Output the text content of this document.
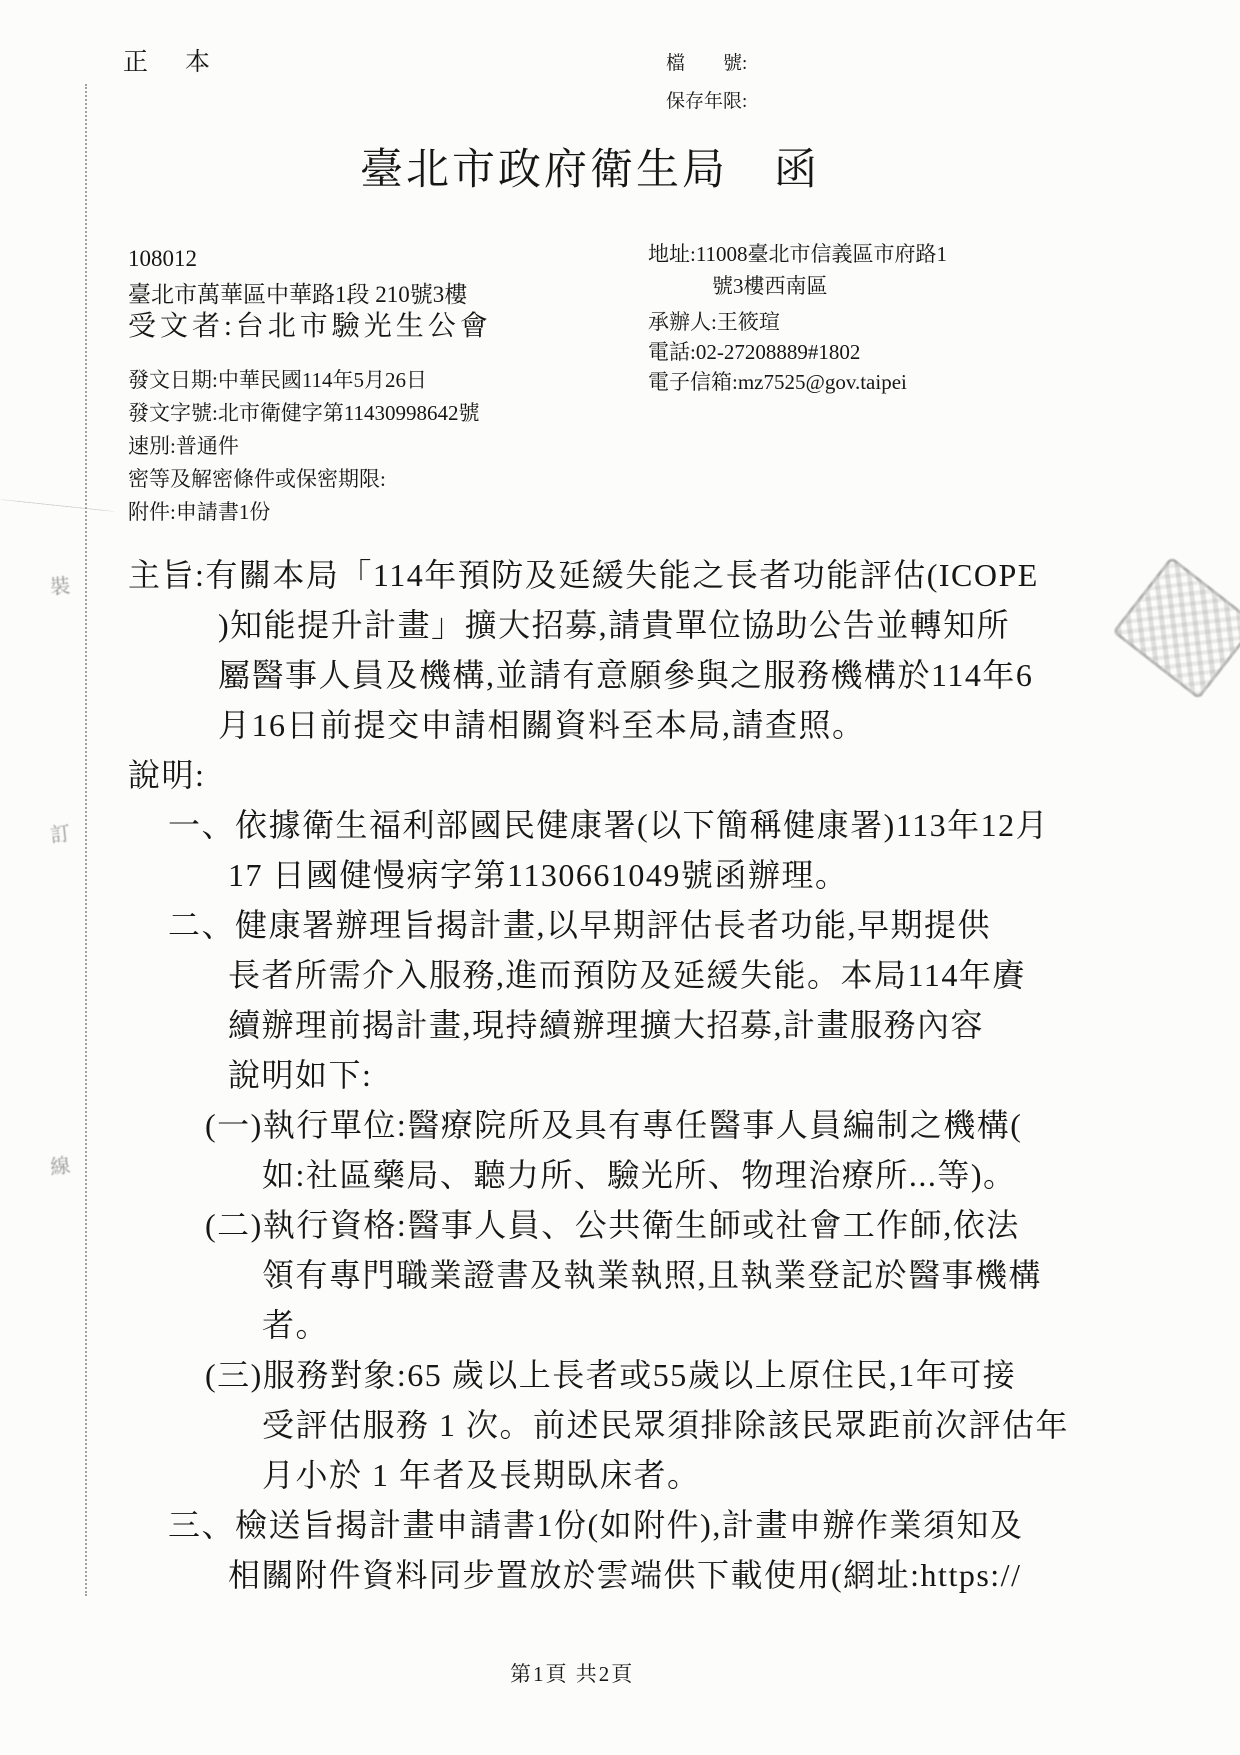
裝
訂
線
正　本	檔　　號:
保存年限:
臺北市政府衛生局　函
108012
臺北市萬華區中華路1段 210號3樓
受文者:台北市驗光生公會
發文日期:中華民國114年5月26日
發文字號:北市衛健字第11430998642號
速別:普通件
密等及解密條件或保密期限:
附件:申請書1份
地址:11008臺北市信義區市府路1
號3樓西南區
承辦人:王筱瑄
電話:02-27208889#1802
電子信箱:mz7525@gov.taipei
主旨:有關本局「114年預防及延緩失能之長者功能評估(ICOPE
)知能提升計畫」擴大招募,請貴單位協助公告並轉知所
屬醫事人員及機構,並請有意願參與之服務機構於114年6
月16日前提交申請相關資料至本局,請查照。
說明:
一、依據衛生福利部國民健康署(以下簡稱健康署)113年12月
17 日國健慢病字第1130661049號函辦理。
二、健康署辦理旨揭計畫,以早期評估長者功能,早期提供
長者所需介入服務,進而預防及延緩失能。本局114年賡
續辦理前揭計畫,現持續辦理擴大招募,計畫服務內容
說明如下:
(一)執行單位:醫療院所及具有專任醫事人員編制之機構(
如:社區藥局、聽力所、驗光所、物理治療所...等)。
(二)執行資格:醫事人員、公共衛生師或社會工作師,依法
領有專門職業證書及執業執照,且執業登記於醫事機構
者。
(三)服務對象:65 歲以上長者或55歲以上原住民,1年可接
受評估服務 1 次。前述民眾須排除該民眾距前次評估年
月小於 1 年者及長期臥床者。
三、檢送旨揭計畫申請書1份(如附件),計畫申辦作業須知及
相關附件資料同步置放於雲端供下載使用(網址:https://
第1頁 共2頁
